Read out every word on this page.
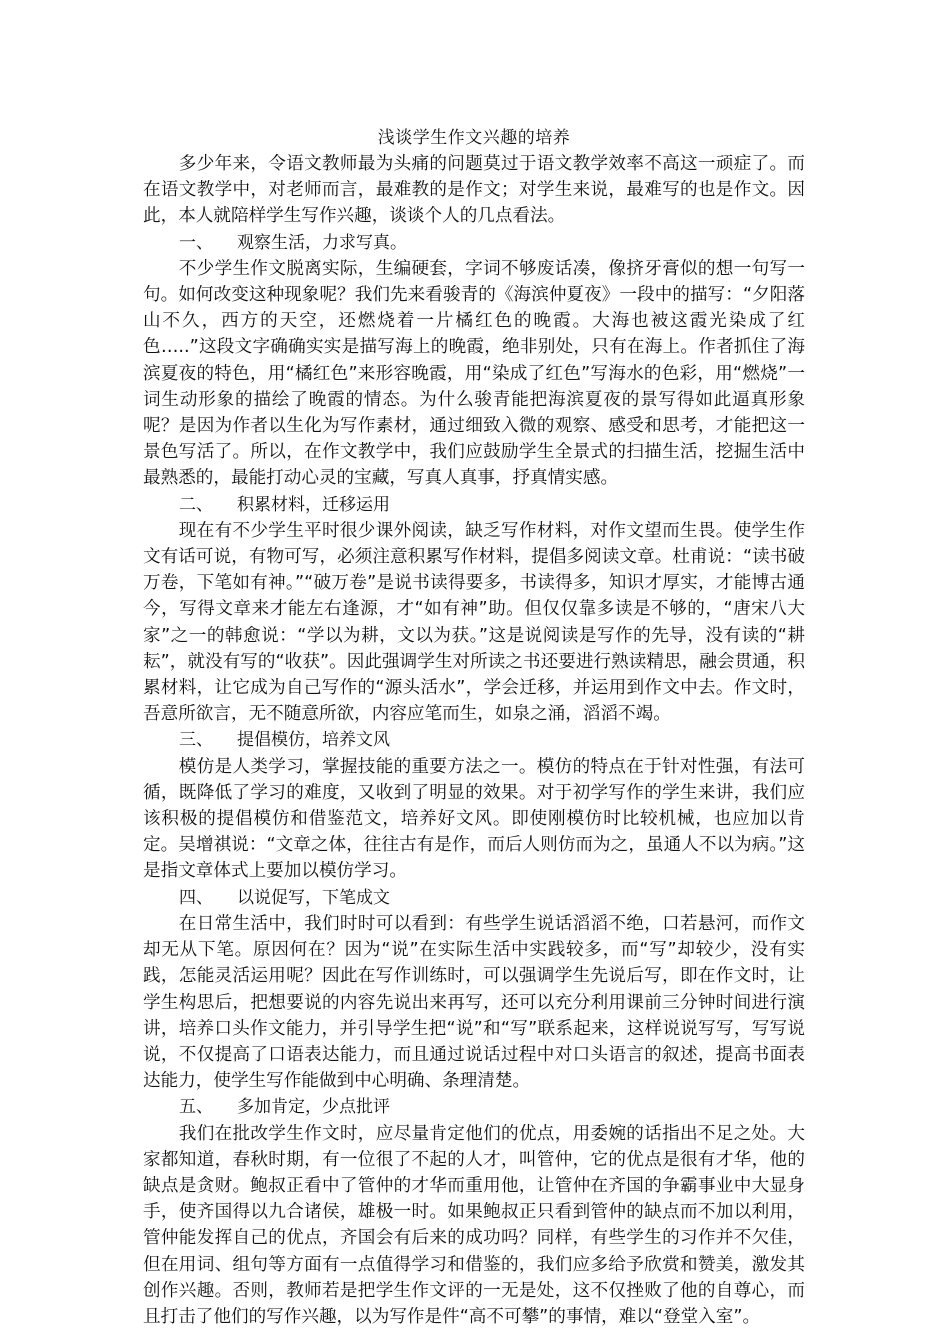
浅谈学生作文兴趣的培养

　　多少年来，令语文教师最为头痛的问题莫过于语文教学效率不高这一顽症了。而在语文教学中，对老师而言，最难教的是作文；对学生来说，最难写的也是作文。因此，本人就陪样学生写作兴趣，谈谈个人的几点看法。

一、 观察生活，力求写真。

　　不少学生作文脱离实际，生编硬套，字词不够废话凑，像挤牙膏似的想一句写一句。如何改变这种现象呢？我们先来看骏青的《海滨仲夏夜》一段中的描写：“夕阳落山不久，西方的天空，还燃烧着一片橘红色的晚霞。大海也被这霞光染成了红色…..”这段文字确确实实是描写海上的晚霞，绝非别处，只有在海上。作者抓住了海滨夏夜的特色，用“橘红色”来形容晚霞，用“染成了红色”写海水的色彩，用“燃烧”一词生动形象的描绘了晚霞的情态。为什么骏青能把海滨夏夜的景写得如此逼真形象呢？是因为作者以生化为写作素材，通过细致入微的观察、感受和思考，才能把这一景色写活了。所以，在作文教学中，我们应鼓励学生全景式的扫描生活，挖掘生活中最熟悉的，最能打动心灵的宝藏，写真人真事，抒真情实感。

二、 积累材料，迁移运用

　　现在有不少学生平时很少课外阅读，缺乏写作材料，对作文望而生畏。使学生作文有话可说，有物可写，必须注意积累写作材料，提倡多阅读文章。杜甫说：“读书破万卷，下笔如有神。”“破万卷”是说书读得要多，书读得多，知识才厚实，才能博古通今，写得文章来才能左右逢源，才“如有神”助。但仅仅靠多读是不够的，“唐宋八大家”之一的韩愈说：“学以为耕，文以为获。”这是说阅读是写作的先导，没有读的“耕耘”，就没有写的“收获”。因此强调学生对所读之书还要进行熟读精思，融会贯通，积累材料，让它成为自己写作的“源头活水”，学会迁移，并运用到作文中去。作文时，吾意所欲言，无不随意所欲，内容应笔而生，如泉之涌，滔滔不竭。

三、 提倡模仿，培养文风

　　模仿是人类学习，掌握技能的重要方法之一。模仿的特点在于针对性强，有法可循，既降低了学习的难度，又收到了明显的效果。对于初学写作的学生来讲，我们应该积极的提倡模仿和借鉴范文，培养好文风。即使刚模仿时比较机械，也应加以肯定。吴增祺说：“文章之体，往往古有是作，而后人则仿而为之，虽通人不以为病。”这是指文章体式上要加以模仿学习。

四、 以说促写，下笔成文

　　在日常生活中，我们时时可以看到：有些学生说话滔滔不绝，口若悬河，而作文却无从下笔。原因何在？因为“说”在实际生活中实践较多，而“写”却较少，没有实践，怎能灵活运用呢？因此在写作训练时，可以强调学生先说后写，即在作文时，让学生构思后，把想要说的内容先说出来再写，还可以充分利用课前三分钟时间进行演讲，培养口头作文能力，并引导学生把“说”和“写”联系起来，这样说说写写，写写说说，不仅提高了口语表达能力，而且通过说话过程中对口头语言的叙述，提高书面表达能力，使学生写作能做到中心明确、条理清楚。

五、 多加肯定，少点批评

　　我们在批改学生作文时，应尽量肯定他们的优点，用委婉的话指出不足之处。大家都知道，春秋时期，有一位很了不起的人才，叫管仲，它的优点是很有才华，他的缺点是贪财。鲍叔正看中了管仲的才华而重用他，让管仲在齐国的争霸事业中大显身手，使齐国得以九合诸侯，雄极一时。如果鲍叔正只看到管仲的缺点而不加以利用，管仲能发挥自己的优点，齐国会有后来的成功吗？同样，有些学生的习作并不欠佳，但在用词、组句等方面有一点值得学习和借鉴的，我们应多给予欣赏和赞美，激发其创作兴趣。否则，教师若是把学生作文评的一无是处，这不仅挫败了他的自尊心，而且打击了他们的写作兴趣，以为写作是件“高不可攀”的事情，难以“登堂入室”。
